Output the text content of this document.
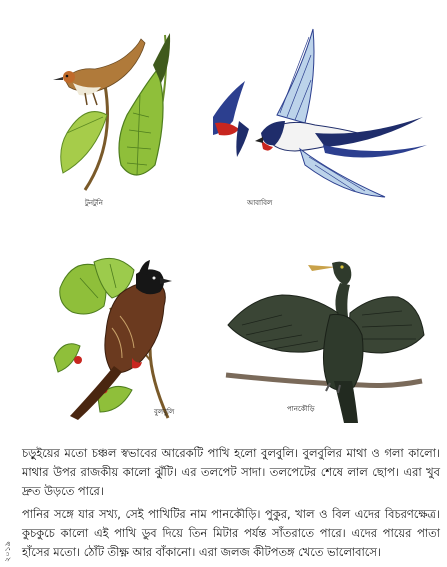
টুনটুনি	আবাবিল
বুলবুলি	পানকৌড়ি

চড়ুইয়ের মতো চঞ্চল স্বভাবের আরেকটি পাখি হলো বুলবুলি। বুলবুলির মাথা ও গলা কালো। মাথার উপর রাজকীয় কালো ঝুঁটি। এর তলপেট সাদা। তলপেটের শেষে লাল ছোপ। এরা খুব দ্রুত উড়তে পারে।

পানির সঙ্গে যার সখ্য, সেই পাখিটির নাম পানকৌড়ি। পুকুর, খাল ও বিল এদের বিচরণক্ষেত্র। কুচকুচে কালো এই পাখি ডুব দিয়ে তিন মিটার পর্যন্ত সাঁতরাতে পারে। এদের পায়ের পাতা হাঁসের মতো। ঠোঁট তীক্ষ্ণ আর বাঁকানো। এরা জলজ কীটপতঙ্গ খেতে ভালোবাসে।

২০১৯
